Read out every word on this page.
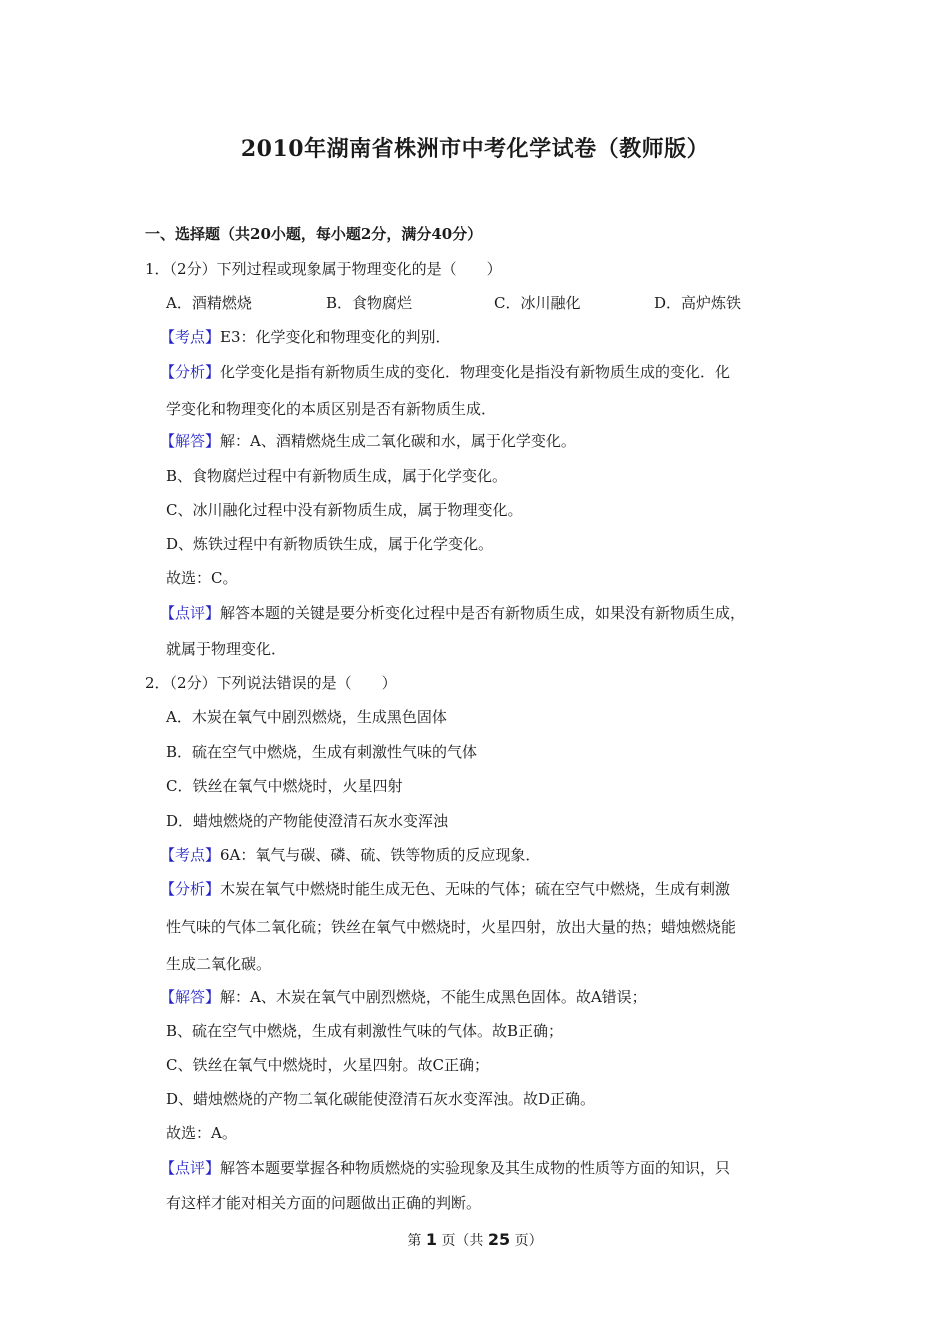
2010年湖南省株洲市中考化学试卷（教师版）
一、选择题（共20小题，每小题2分，满分40分）
1．（2分）下列过程或现象属于物理变化的是（　　）
A．酒精燃烧	B．食物腐烂	C．冰川融化	D．高炉炼铁
【考点】E3：化学变化和物理变化的判别．
【分析】化学变化是指有新物质生成的变化．物理变化是指没有新物质生成的变化．化
学变化和物理变化的本质区别是否有新物质生成．
【解答】解：A、酒精燃烧生成二氧化碳和水，属于化学变化。
B、食物腐烂过程中有新物质生成，属于化学变化。
C、冰川融化过程中没有新物质生成，属于物理变化。
D、炼铁过程中有新物质铁生成，属于化学变化。
故选：C。
【点评】解答本题的关键是要分析变化过程中是否有新物质生成，如果没有新物质生成，
就属于物理变化．
2．（2分）下列说法错误的是（　　）
A．木炭在氧气中剧烈燃烧，生成黑色固体
B．硫在空气中燃烧，生成有刺激性气味的气体
C．铁丝在氧气中燃烧时，火星四射
D．蜡烛燃烧的产物能使澄清石灰水变浑浊
【考点】6A：氧气与碳、磷、硫、铁等物质的反应现象．
【分析】木炭在氧气中燃烧时能生成无色、无味的气体；硫在空气中燃烧，生成有刺激
性气味的气体二氧化硫；铁丝在氧气中燃烧时，火星四射，放出大量的热；蜡烛燃烧能
生成二氧化碳。
【解答】解：A、木炭在氧气中剧烈燃烧，不能生成黑色固体。故A错误；
B、硫在空气中燃烧，生成有刺激性气味的气体。故B正确；
C、铁丝在氧气中燃烧时，火星四射。故C正确；
D、蜡烛燃烧的产物二氧化碳能使澄清石灰水变浑浊。故D正确。
故选：A。
【点评】解答本题要掌握各种物质燃烧的实验现象及其生成物的性质等方面的知识，只
有这样才能对相关方面的问题做出正确的判断。
第 1 页（共 25 页）
